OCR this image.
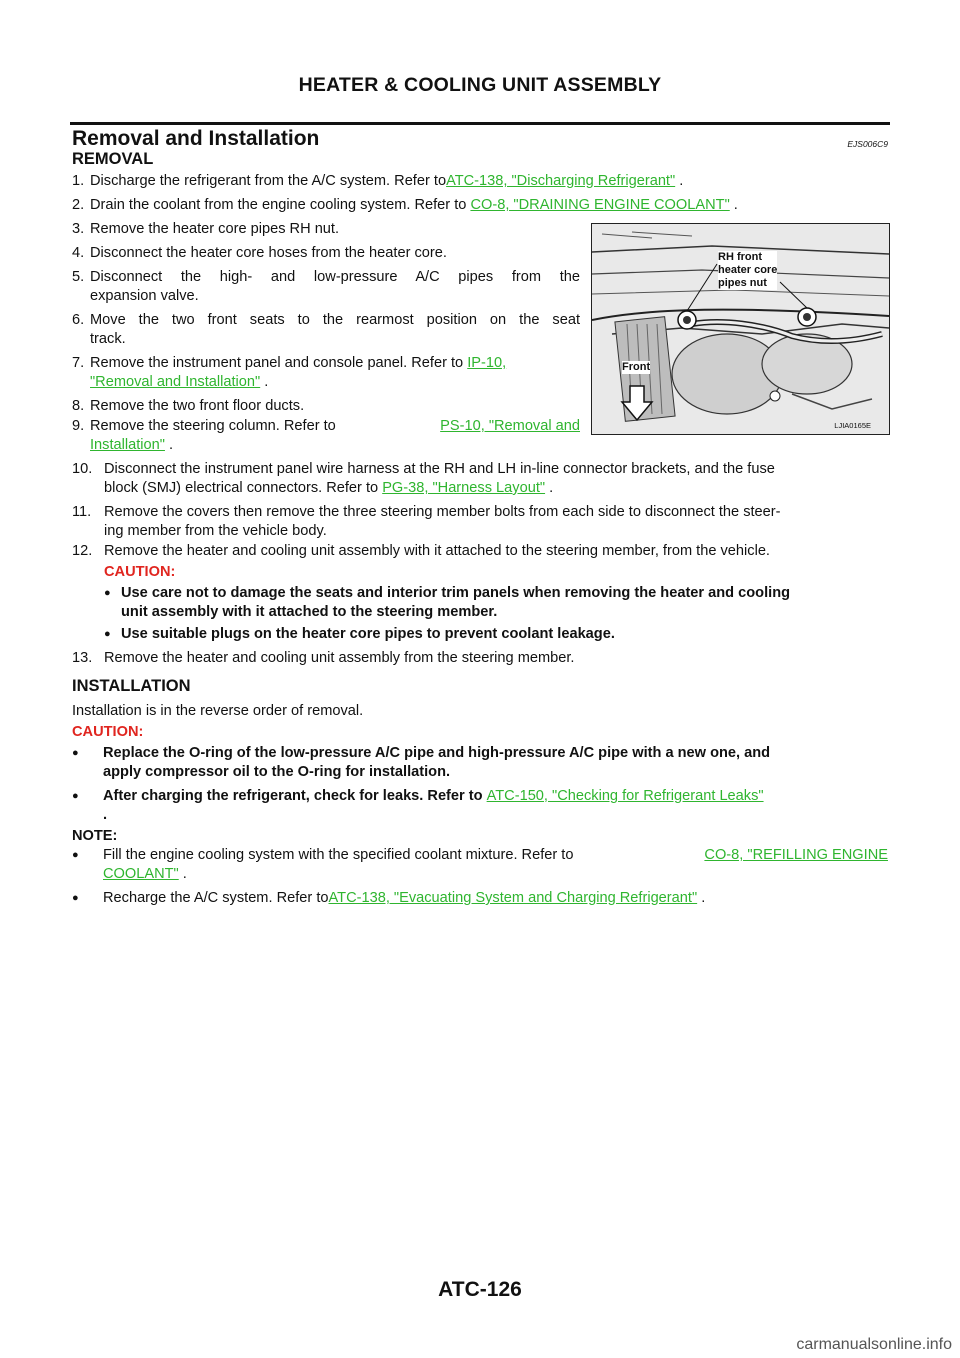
HEATER & COOLING UNIT ASSEMBLY
Removal and Installation	EJS006C9
REMOVAL
1. Discharge the refrigerant from the A/C system. Refer toATC-138, "Discharging Refrigerant" .
2. Drain the coolant from the engine cooling system. Refer to CO-8, "DRAINING ENGINE COOLANT" .
3. Remove the heater core pipes RH nut.
4. Disconnect the heater core hoses from the heater core.
5. Disconnect the high- and low-pressure A/C pipes from the
expansion valve.
6. Move the two front seats to the rearmost position on the seat
track.
7. Remove the instrument panel and console panel. Refer to IP-10,
"Removal and Installation" .
8. Remove the two front floor ducts.
9. Remove the steering column. Refer to	PS-10, "Removal and
Installation" .
RH front
heater core
pipes nut
Front
LJIA0165E
10. Disconnect the instrument panel wire harness at the RH and LH in-line connector brackets, and the fuse
block (SMJ) electrical connectors. Refer to PG-38, "Harness Layout" .
11. Remove the covers then remove the three steering member bolts from each side to disconnect the steer-
ing member from the vehicle body.
12. Remove the heater and cooling unit assembly with it attached to the steering member, from the vehicle.
CAUTION:
● Use care not to damage the seats and interior trim panels when removing the heater and cooling
unit assembly with it attached to the steering member.
● Use suitable plugs on the heater core pipes to prevent coolant leakage.
13. Remove the heater and cooling unit assembly from the steering member.
INSTALLATION
Installation is in the reverse order of removal.
CAUTION:
● Replace the O-ring of the low-pressure A/C pipe and high-pressure A/C pipe with a new one, and
apply compressor oil to the O-ring for installation.
● After charging the refrigerant, check for leaks. Refer to ATC-150, "Checking for Refrigerant Leaks"
.
NOTE:
● Fill the engine cooling system with the specified coolant mixture. Refer to	CO-8, "REFILLING ENGINE
COOLANT" .
● Recharge the A/C system. Refer toATC-138, "Evacuating System and Charging Refrigerant" .
ATC-126
carmanualsonline.info
